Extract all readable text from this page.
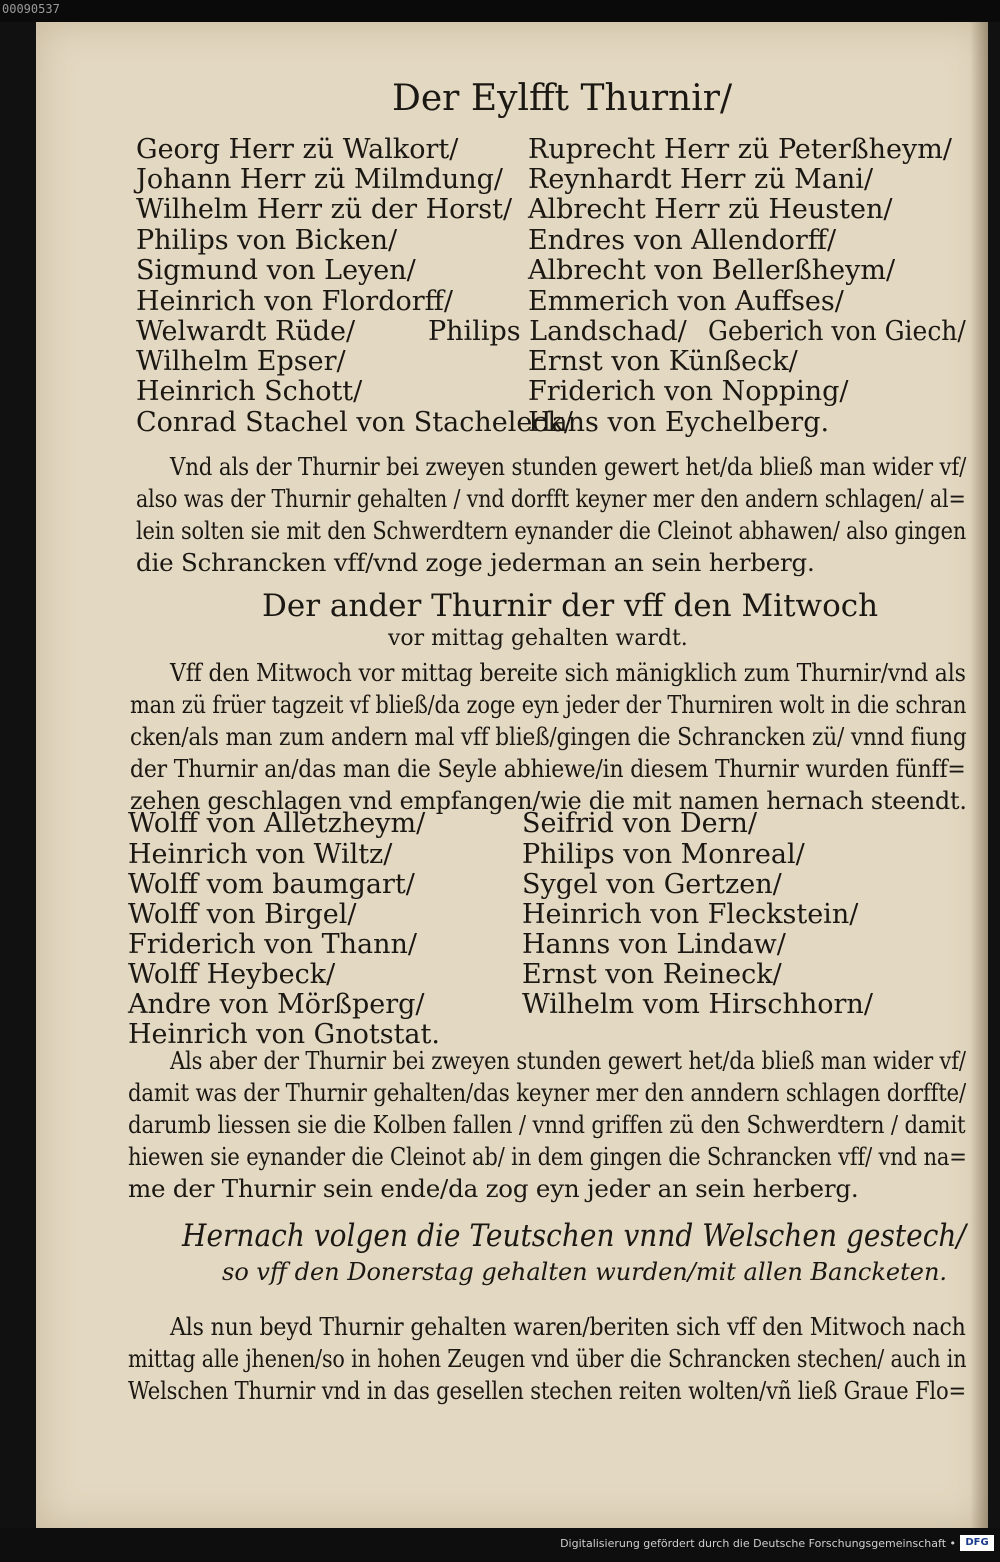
00090537
Der Eylfft Thurnir/
Georg Herr zü Walkort/
Johann Herr zü Milmdung/
Wilhelm Herr zü der Horst/
Philips von Bicken/
Sigmund von Leyen/
Heinrich von Flordorff/
Welwardt Rüde/
Wilhelm Epser/
Heinrich Schott/
Conrad Stachel von Stacheleck/
Philips Landschad/
Ruprecht Herr zü Peterßheym/
Reynhardt Herr zü Mani/
Albrecht Herr zü Heusten/
Endres von Allendorff/
Albrecht von Bellerßheym/
Emmerich von Auffses/
Geberich von Giech/
Ernst von Künßeck/
Friderich von Nopping/
Hans von Eychelberg.
Vnd als der Thurnir bei zweyen stunden gewert het/da bließ man wider vf/
also was der Thurnir gehalten / vnd dorfft keyner mer den andern schlagen/ al=
lein solten sie mit den Schwerdtern eynander die Cleinot abhawen/ also gingen
die Schrancken vff/vnd zoge jederman an sein herberg.
Der ander Thurnir der vff den Mitwoch
vor mittag gehalten wardt.
Vff den Mitwoch vor mittag bereite sich mänigklich zum Thurnir/vnd als
man zü früer tagzeit vf bließ/da zoge eyn jeder der Thurniren wolt in die schran
cken/als man zum andern mal vff bließ/gingen die Schrancken zü/ vnnd fiung
der Thurnir an/das man die Seyle abhiewe/in diesem Thurnir wurden fünff=
zehen geschlagen vnd empfangen/wie die mit namen hernach steendt.
Wolff von Alletzheym/
Heinrich von Wiltz/
Wolff vom baumgart/
Wolff von Birgel/
Friderich von Thann/
Wolff Heybeck/
Andre von Mörßperg/
Heinrich von Gnotstat.
Seifrid von Dern/
Philips von Monreal/
Sygel von Gertzen/
Heinrich von Fleckstein/
Hanns von Lindaw/
Ernst von Reineck/
Wilhelm vom Hirschhorn/
Als aber der Thurnir bei zweyen stunden gewert het/da bließ man wider vf/
damit was der Thurnir gehalten/das keyner mer den anndern schlagen dorffte/
darumb liessen sie die Kolben fallen / vnnd griffen zü den Schwerdtern / damit
hiewen sie eynander die Cleinot ab/ in dem gingen die Schrancken vff/ vnd na=
me der Thurnir sein ende/da zog eyn jeder an sein herberg.
Hernach volgen die Teutschen vnnd Welschen gestech/
so vff den Donerstag gehalten wurden/mit allen Bancketen.
Als nun beyd Thurnir gehalten waren/beriten sich vff den Mitwoch nach
mittag alle jhenen/so in hohen Zeugen vnd über die Schrancken stechen/ auch in
Welschen Thurnir vnd in das gesellen stechen reiten wolten/vñ ließ Graue Flo=
Digitalisierung gefördert durch die Deutsche Forschungsgemeinschaft • DFG
